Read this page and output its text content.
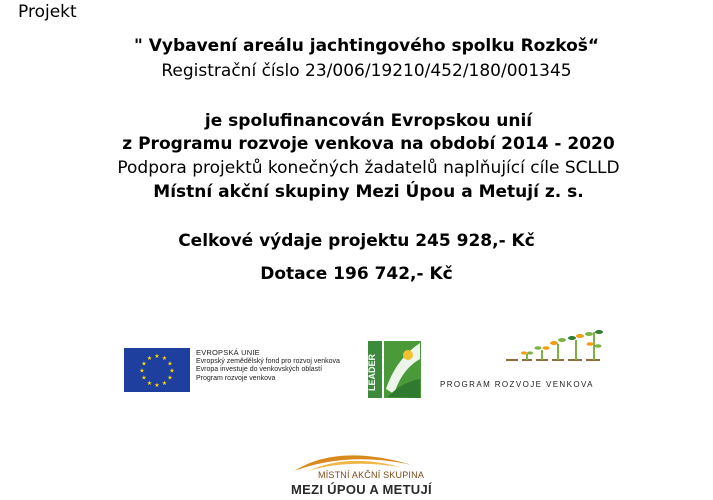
Projekt
" Vybavení areálu jachtingového spolku Rozkoš“
Registrační číslo 23/006/19210/452/180/001345
je spolufinancován Evropskou unií
z Programu rozvoje venkova na období 2014 - 2020
Podpora projektů konečných žadatelů naplňující cíle SCLLD
Místní akční skupiny Mezi Úpou a Metují z. s.
Celkové výdaje projektu 245 928,- Kč
Dotace 196 742,- Kč
★ ★
★
★
★
★
★
★
★
★
★
★
EVROPSKÁ UNIE
Evropský zemědělský fond pro rozvoj venkova
Evropa investuje do venkovských oblastí
Program rozvoje venkova	LEADER	PROGRAM ROZVOJE VENKOVA
MÍSTNÍ AKČNÍ SKUPINA
MEZI ÚPOU A METUJÍ
